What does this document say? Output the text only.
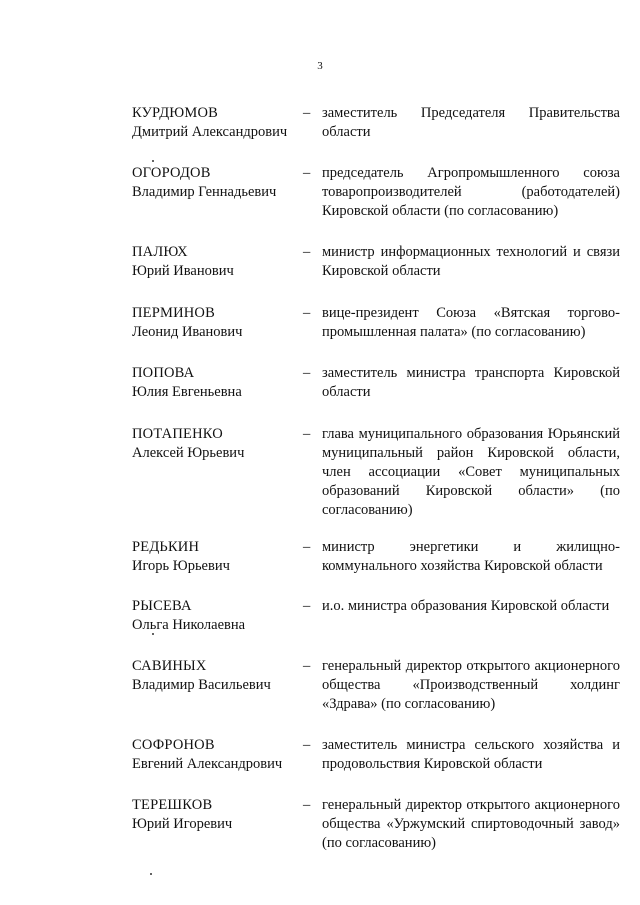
3
КУРДЮМОВ
Дмитрий Александрович
– заместитель Председателя Правительства области
ОГОРОДОВ
Владимир Геннадьевич
– председатель Агропромышленного союза товаропроизводителей (работодателей) Кировской области (по согласованию)
ПАЛЮХ
Юрий Иванович
– министр информационных технологий и связи Кировской области
ПЕРМИНОВ
Леонид Иванович
– вице-президент Союза «Вятская торгово-промышленная палата» (по согласованию)
ПОПОВА
Юлия Евгеньевна
– заместитель министра транспорта Кировской области
ПОТАПЕНКО
Алексей Юрьевич
– глава муниципального образования Юрьянский муниципальный район Кировской области, член ассоциации «Совет муниципальных образований Кировской области» (по согласованию)
РЕДЬКИН
Игорь Юрьевич
– министр энергетики и жилищно-коммунального хозяйства Кировской области
РЫСЕВА
Ольга Николаевна
– и.о. министра образования Кировской области
САВИНЫХ
Владимир Васильевич
– генеральный директор открытого акционерного общества «Производственный холдинг «Здрава» (по согласованию)
СОФРОНОВ
Евгений Александрович
– заместитель министра сельского хозяйства и продовольствия Кировской области
ТЕРЕШКОВ
Юрий Игоревич
– генеральный директор открытого акционерного общества «Уржумский спиртоводочный завод» (по согласованию)
